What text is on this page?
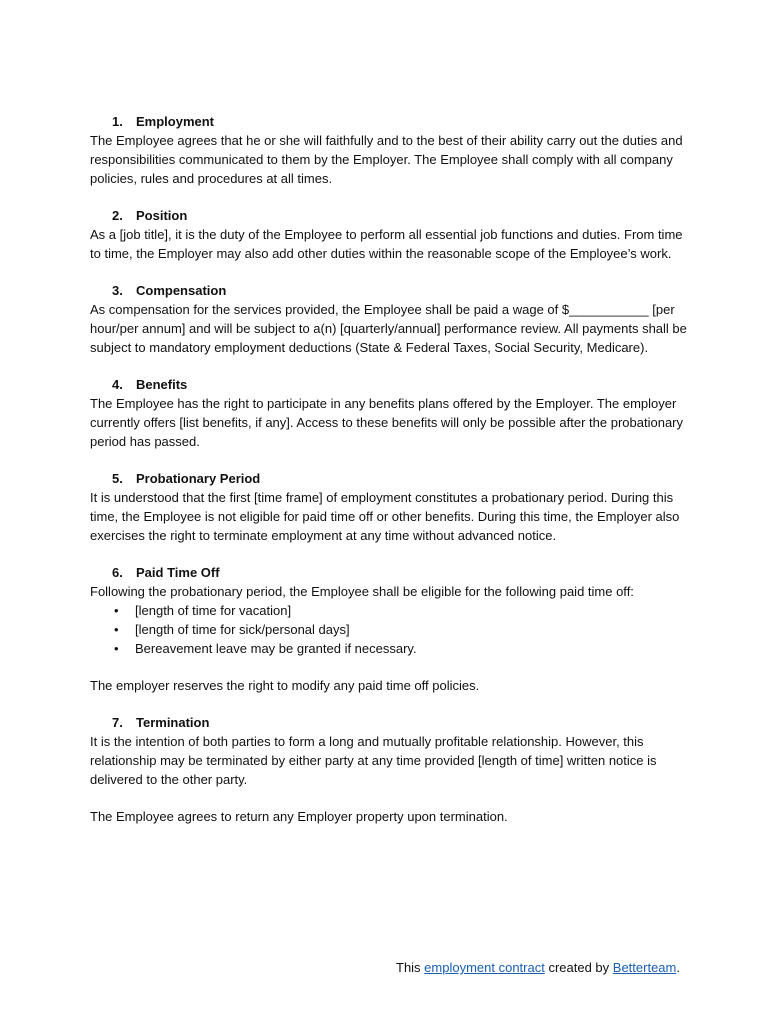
1. Employment

The Employee agrees that he or she will faithfully and to the best of their ability carry out the duties and responsibilities communicated to them by the Employer. The Employee shall comply with all company policies, rules and procedures at all times.

2. Position

As a [job title], it is the duty of the Employee to perform all essential job functions and duties. From time to time, the Employer may also add other duties within the reasonable scope of the Employee’s work.

3. Compensation

As compensation for the services provided, the Employee shall be paid a wage of $___________ [per hour/per annum] and will be subject to a(n) [quarterly/annual] performance review. All payments shall be subject to mandatory employment deductions (State & Federal Taxes, Social Security, Medicare).

4. Benefits

The Employee has the right to participate in any benefits plans offered by the Employer. The employer currently offers [list benefits, if any]. Access to these benefits will only be possible after the probationary period has passed.

5. Probationary Period

It is understood that the first [time frame] of employment constitutes a probationary period. During this time, the Employee is not eligible for paid time off or other benefits. During this time, the Employer also exercises the right to terminate employment at any time without advanced notice.

6. Paid Time Off

Following the probationary period, the Employee shall be eligible for the following paid time off:

• [length of time for vacation]
• [length of time for sick/personal days]
• Bereavement leave may be granted if necessary.

The employer reserves the right to modify any paid time off policies.

7. Termination

It is the intention of both parties to form a long and mutually profitable relationship. However, this relationship may be terminated by either party at any time provided [length of time] written notice is delivered to the other party.

The Employee agrees to return any Employer property upon termination.

This employment contract created by Betterteam.
